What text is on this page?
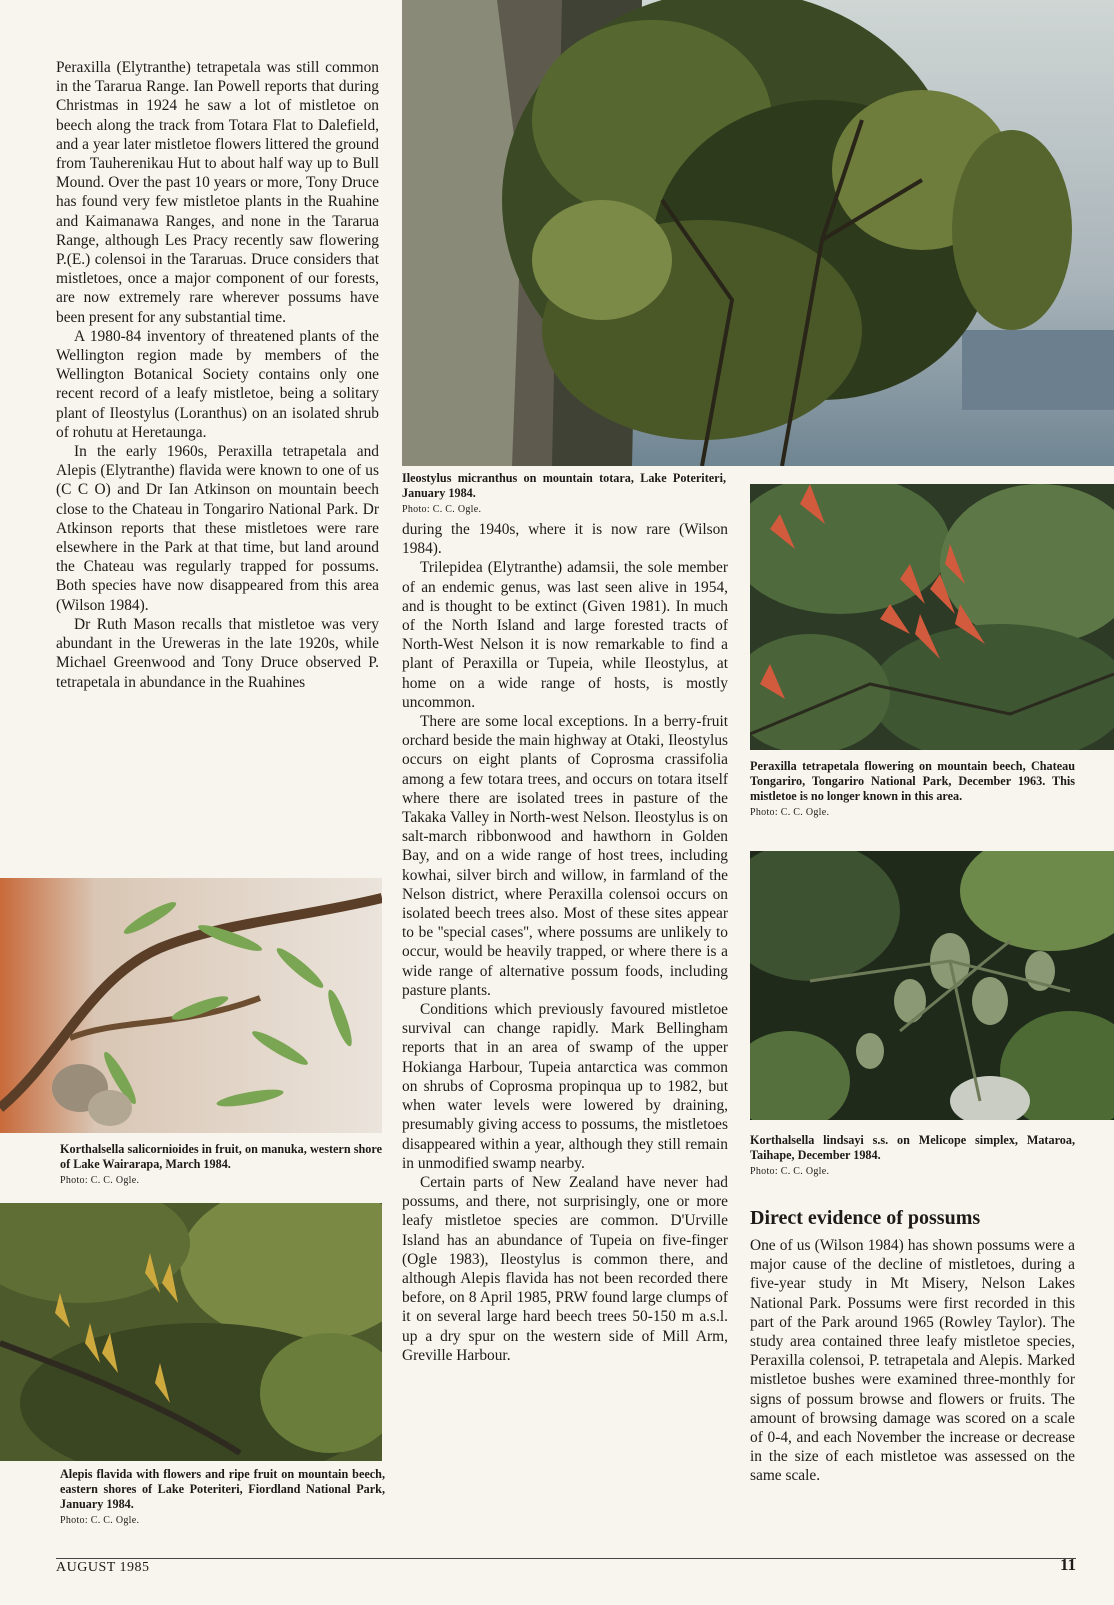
Ileostylus micranthus on mountain totara, Lake Poteriteri, January 1984.
Photo: C. C. Ogle.
Peraxilla tetrapetala flowering on mountain beech, Chateau Tongariro, Tongariro National Park, December 1963. This mistletoe is no longer known in this area.
Photo: C. C. Ogle.
Korthalsella lindsayi s.s. on Melicope simplex, Mataroa, Taihape, December 1984.
Photo: C. C. Ogle.
Korthalsella salicornioides in fruit, on manuka, western shore of Lake Wairarapa, March 1984.
Photo: C. C. Ogle.
Alepis flavida with flowers and ripe fruit on mountain beech, eastern shores of Lake Poteriteri, Fiordland National Park, January 1984.
Photo: C. C. Ogle.

Peraxilla (Elytranthe) tetrapetala was still common in the Tararua Range. Ian Powell reports that during Christmas in 1924 he saw a lot of mistletoe on beech along the track from Totara Flat to Dalefield, and a year later mistletoe flowers littered the ground from Tauherenikau Hut to about half way up to Bull Mound. Over the past 10 years or more, Tony Druce has found very few mistletoe plants in the Ruahine and Kaimanawa Ranges, and none in the Tararua Range, although Les Pracy recently saw flowering P.(E.) colensoi in the Tararuas. Druce considers that mistletoes, once a major component of our forests, are now extremely rare wherever possums have been present for any substantial time.

A 1980-84 inventory of threatened plants of the Wellington region made by members of the Wellington Botanical Society contains only one recent record of a leafy mistletoe, being a solitary plant of Ileostylus (Loranthus) on an isolated shrub of rohutu at Heretaunga.

In the early 1960s, Peraxilla tetrapetala and Alepis (Elytranthe) flavida were known to one of us (C C O) and Dr Ian Atkinson on mountain beech close to the Chateau in Tongariro National Park. Dr Atkinson reports that these mistletoes were rare elsewhere in the Park at that time, but land around the Chateau was regularly trapped for possums. Both species have now disappeared from this area (Wilson 1984).

Dr Ruth Mason recalls that mistletoe was very abundant in the Ureweras in the late 1920s, while Michael Greenwood and Tony Druce observed P. tetrapetala in abundance in the Ruahines

during the 1940s, where it is now rare (Wilson 1984).

Trilepidea (Elytranthe) adamsii, the sole member of an endemic genus, was last seen alive in 1954, and is thought to be extinct (Given 1981). In much of the North Island and large forested tracts of North-West Nelson it is now remarkable to find a plant of Peraxilla or Tupeia, while Ileostylus, at home on a wide range of hosts, is mostly uncommon.

There are some local exceptions. In a berry-fruit orchard beside the main highway at Otaki, Ileostylus occurs on eight plants of Coprosma crassifolia among a few totara trees, and occurs on totara itself where there are isolated trees in pasture of the Takaka Valley in North-west Nelson. Ileostylus is on salt-march ribbonwood and hawthorn in Golden Bay, and on a wide range of host trees, including kowhai, silver birch and willow, in farmland of the Nelson district, where Peraxilla colensoi occurs on isolated beech trees also. Most of these sites appear to be ''special cases'', where possums are unlikely to occur, would be heavily trapped, or where there is a wide range of alternative possum foods, including pasture plants.

Conditions which previously favoured mistletoe survival can change rapidly. Mark Bellingham reports that in an area of swamp of the upper Hokianga Harbour, Tupeia antarctica was common on shrubs of Coprosma propinqua up to 1982, but when water levels were lowered by draining, presumably giving access to possums, the mistletoes disappeared within a year, although they still remain in unmodified swamp nearby.

Certain parts of New Zealand have never had possums, and there, not surprisingly, one or more leafy mistletoe species are common. D'Urville Island has an abundance of Tupeia on five-finger (Ogle 1983), Ileostylus is common there, and although Alepis flavida has not been recorded there before, on 8 April 1985, PRW found large clumps of it on several large hard beech trees 50-150 m a.s.l. up a dry spur on the western side of Mill Arm, Greville Harbour.

Direct evidence of possums

One of us (Wilson 1984) has shown possums were a major cause of the decline of mistletoes, during a five-year study in Mt Misery, Nelson Lakes National Park. Possums were first recorded in this part of the Park around 1965 (Rowley Taylor). The study area contained three leafy mistletoe species, Peraxilla colensoi, P. tetrapetala and Alepis. Marked mistletoe bushes were examined three-monthly for signs of possum browse and flowers or fruits. The amount of browsing damage was scored on a scale of 0-4, and each November the increase or decrease in the size of each mistletoe was assessed on the same scale.

AUGUST 1985	11
